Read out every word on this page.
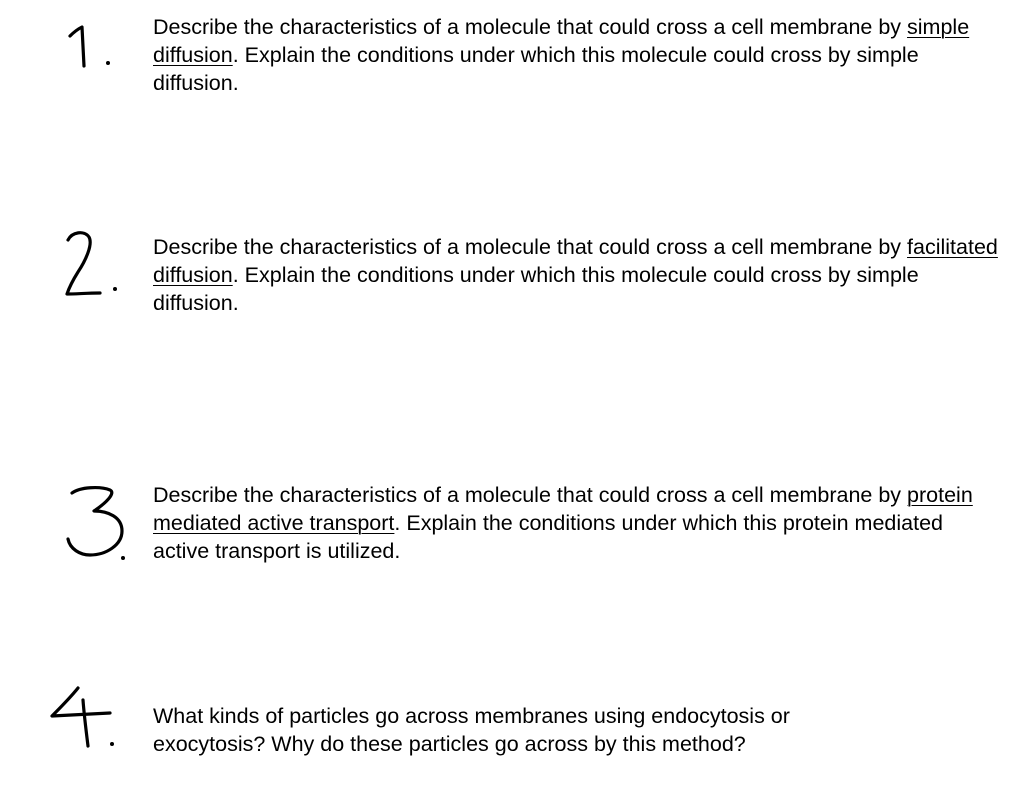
Describe the characteristics of a molecule that could cross a cell membrane by simple diffusion. Explain the conditions under which this molecule could cross by simple diffusion.
Describe the characteristics of a molecule that could cross a cell membrane by facilitated diffusion. Explain the conditions under which this molecule could cross by simple diffusion.
Describe the characteristics of a molecule that could cross a cell membrane by protein mediated active transport. Explain the conditions under which this protein mediated active transport is utilized.
What kinds of particles go across membranes using endocytosis or exocytosis? Why do these particles go across by this method?
